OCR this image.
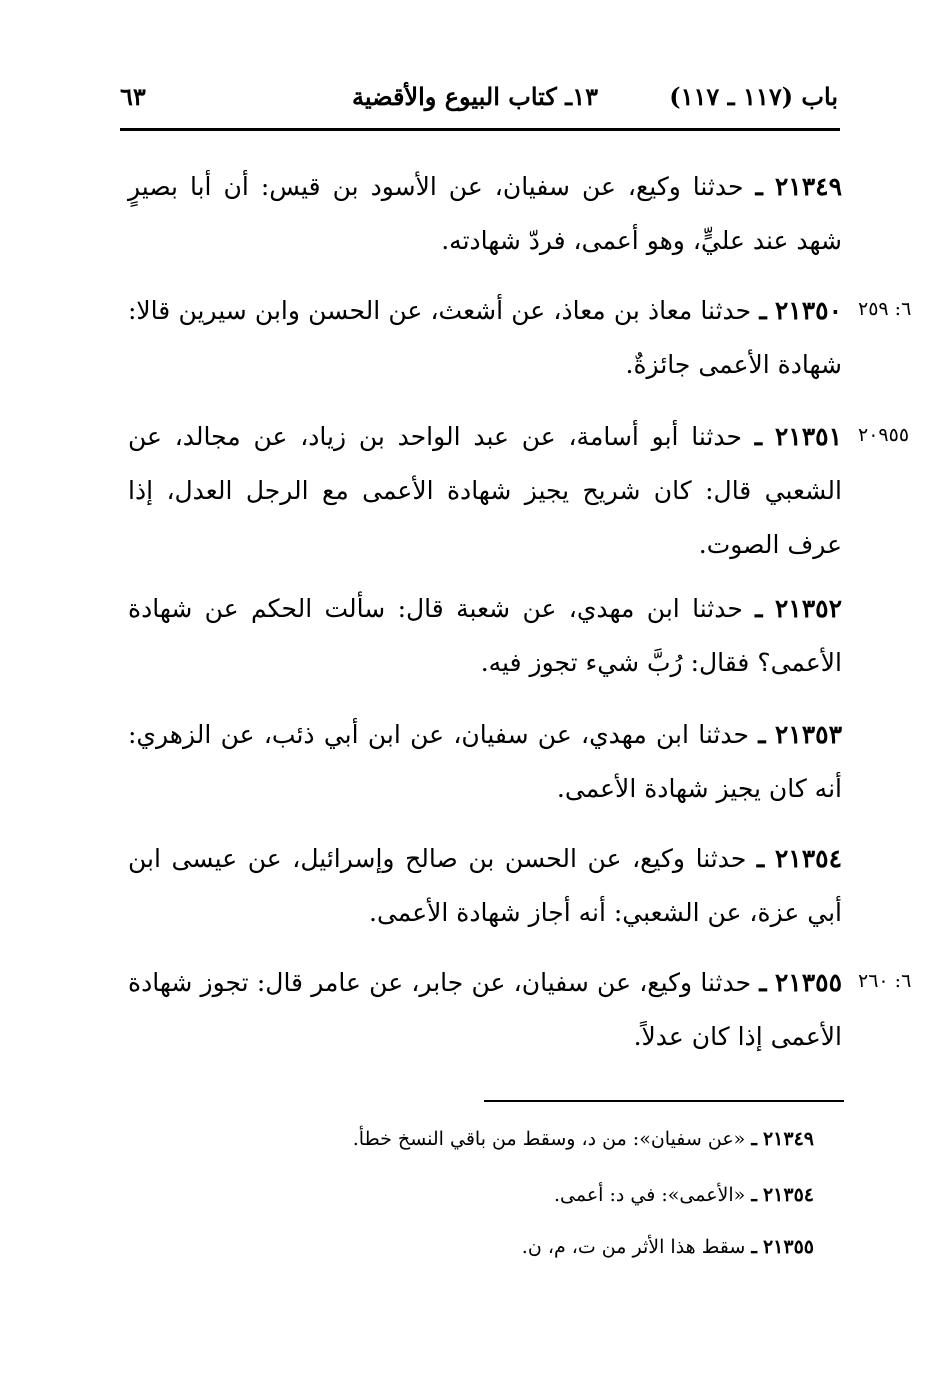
باب (١١٧ ـ ١١٧)
١٣ـ كتاب البيوع والأقضية
٦٣
٢١٣٤٩ ـ حدثنا وكيع، عن سفيان، عن الأسود بن قيس: أن أبا بصيرٍ شهد عند عليٍّ، وهو أعمى، فردّ شهادته.
٦: ٢٥٩
٢١٣٥٠ ـ حدثنا معاذ بن معاذ، عن أشعث، عن الحسن وابن سيرين قالا: شهادة الأعمى جائزةٌ.
٢٠٩٥٥
٢١٣٥١ ـ حدثنا أبو أسامة، عن عبد الواحد بن زياد، عن مجالد، عن الشعبي قال: كان شريح يجيز شهادة الأعمى مع الرجل العدل، إذا عرف الصوت.
٢١٣٥٢ ـ حدثنا ابن مهدي، عن شعبة قال: سألت الحكم عن شهادة الأعمى؟ فقال: رُبَّ شيء تجوز فيه.
٢١٣٥٣ ـ حدثنا ابن مهدي، عن سفيان، عن ابن أبي ذئب، عن الزهري: أنه كان يجيز شهادة الأعمى.
٢١٣٥٤ ـ حدثنا وكيع، عن الحسن بن صالح وإسرائيل، عن عيسى ابن أبي عزة، عن الشعبي: أنه أجاز شهادة الأعمى.
٦: ٢٦٠
٢١٣٥٥ ـ حدثنا وكيع، عن سفيان، عن جابر، عن عامر قال: تجوز شهادة الأعمى إذا كان عدلاً.
٢١٣٤٩ ـ «عن سفيان»: من د، وسقط من باقي النسخ خطأ.
٢١٣٥٤ ـ «الأعمى»: في د: أعمى.
٢١٣٥٥ ـ سقط هذا الأثر من ت، م، ن.
